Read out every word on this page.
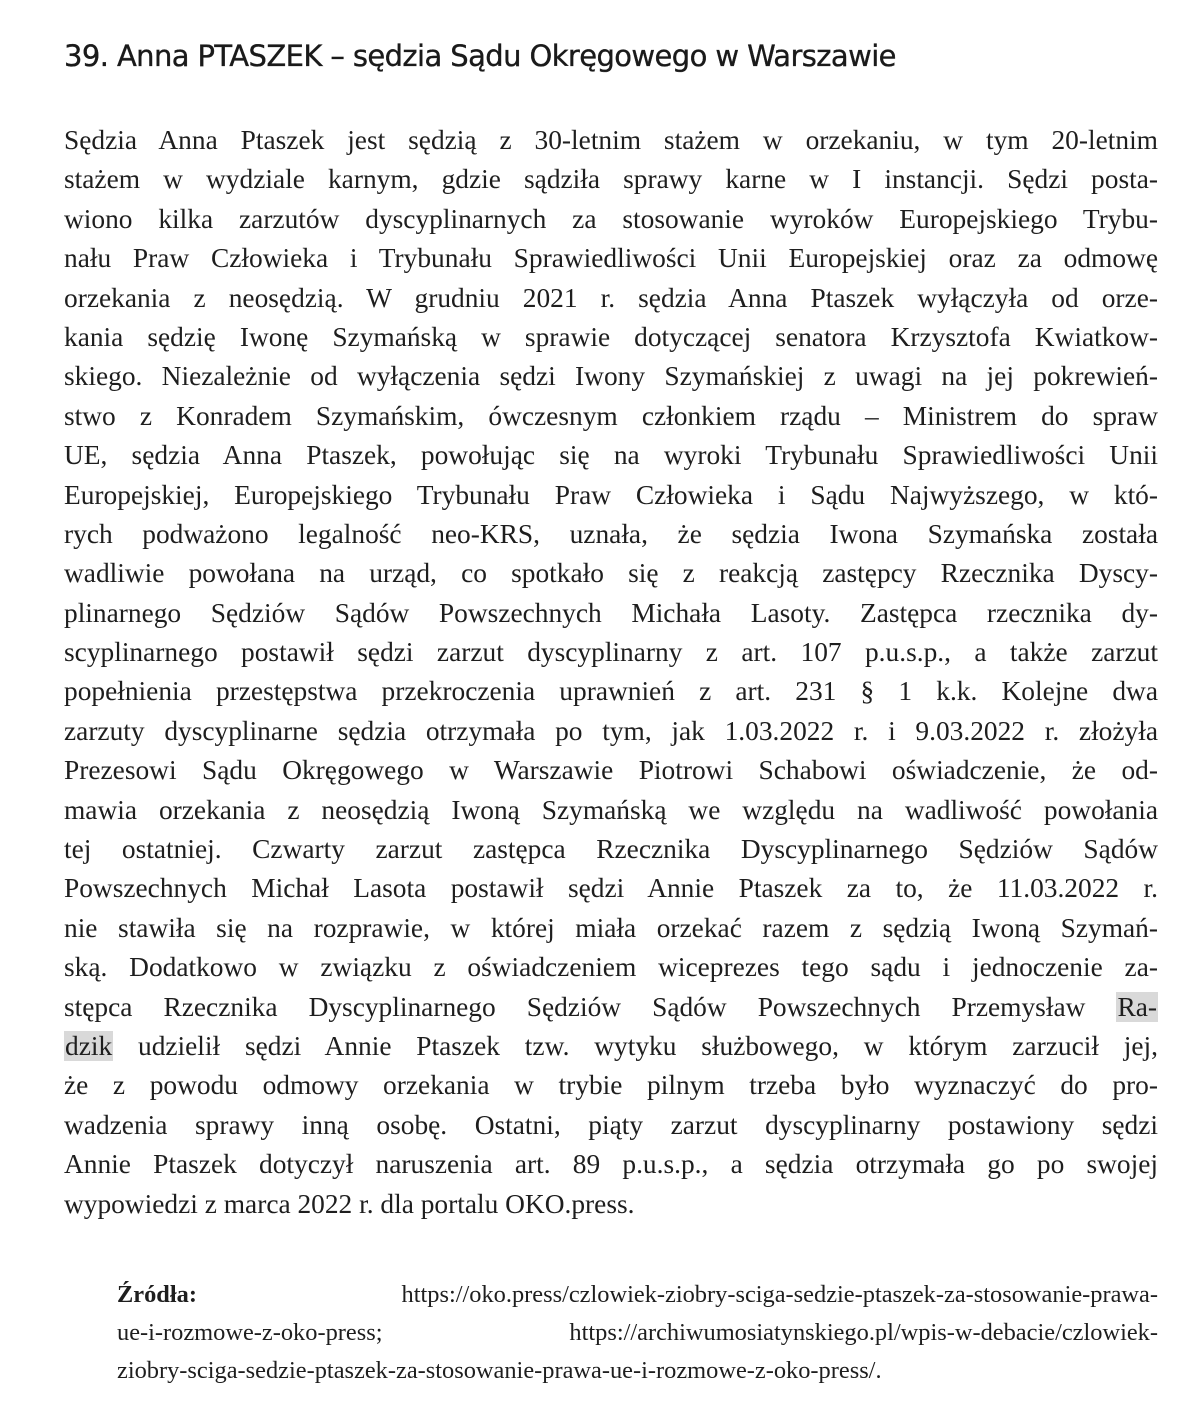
39. Anna PTASZEK – sędzia Sądu Okręgowego w Warszawie
Sędzia Anna Ptaszek jest sędzią z 30-letnim stażem w orzekaniu, w tym 20-letnim
stażem w wydziale karnym, gdzie sądziła sprawy karne w I instancji. Sędzi posta-
wiono kilka zarzutów dyscyplinarnych za stosowanie wyroków Europejskiego Trybu-
nału Praw Człowieka i Trybunału Sprawiedliwości Unii Europejskiej oraz za odmowę
orzekania z neosędzią. W grudniu 2021 r. sędzia Anna Ptaszek wyłączyła od orze-
kania sędzię Iwonę Szymańską w sprawie dotyczącej senatora Krzysztofa Kwiatkow-
skiego. Niezależnie od wyłączenia sędzi Iwony Szymańskiej z uwagi na jej pokrewień-
stwo z Konradem Szymańskim, ówczesnym członkiem rządu – Ministrem do spraw
UE, sędzia Anna Ptaszek, powołując się na wyroki Trybunału Sprawiedliwości Unii
Europejskiej, Europejskiego Trybunału Praw Człowieka i Sądu Najwyższego, w któ-
rych podważono legalność neo-KRS, uznała, że sędzia Iwona Szymańska została
wadliwie powołana na urząd, co spotkało się z reakcją zastępcy Rzecznika Dyscy-
plinarnego Sędziów Sądów Powszechnych Michała Lasoty. Zastępca rzecznika dy-
scyplinarnego postawił sędzi zarzut dyscyplinarny z art. 107 p.u.s.p., a także zarzut
popełnienia przestępstwa przekroczenia uprawnień z art. 231 § 1 k.k. Kolejne dwa
zarzuty dyscyplinarne sędzia otrzymała po tym, jak 1.03.2022 r. i 9.03.2022 r. złożyła
Prezesowi Sądu Okręgowego w Warszawie Piotrowi Schabowi oświadczenie, że od-
mawia orzekania z neosędzią Iwoną Szymańską we względu na wadliwość powołania
tej ostatniej. Czwarty zarzut zastępca Rzecznika Dyscyplinarnego Sędziów Sądów
Powszechnych Michał Lasota postawił sędzi Annie Ptaszek za to, że 11.03.2022 r.
nie stawiła się na rozprawie, w której miała orzekać razem z sędzią Iwoną Szymań-
ską. Dodatkowo w związku z oświadczeniem wiceprezes tego sądu i jednoczenie za-
stępca Rzecznika Dyscyplinarnego Sędziów Sądów Powszechnych Przemysław Ra-
dzik udzielił sędzi Annie Ptaszek tzw. wytyku służbowego, w którym zarzucił jej,
że z powodu odmowy orzekania w trybie pilnym trzeba było wyznaczyć do pro-
wadzenia sprawy inną osobę. Ostatni, piąty zarzut dyscyplinarny postawiony sędzi
Annie Ptaszek dotyczył naruszenia art. 89 p.u.s.p., a sędzia otrzymała go po swojej
wypowiedzi z marca 2022 r. dla portalu OKO.press.
Źródła: https://oko.press/czlowiek-ziobry-sciga-sedzie-ptaszek-za-stosowanie-prawa-
ue-i-rozmowe-z-oko-press; https://archiwumosiatynskiego.pl/wpis-w-debacie/czlowiek-
ziobry-sciga-sedzie-ptaszek-za-stosowanie-prawa-ue-i-rozmowe-z-oko-press/.
